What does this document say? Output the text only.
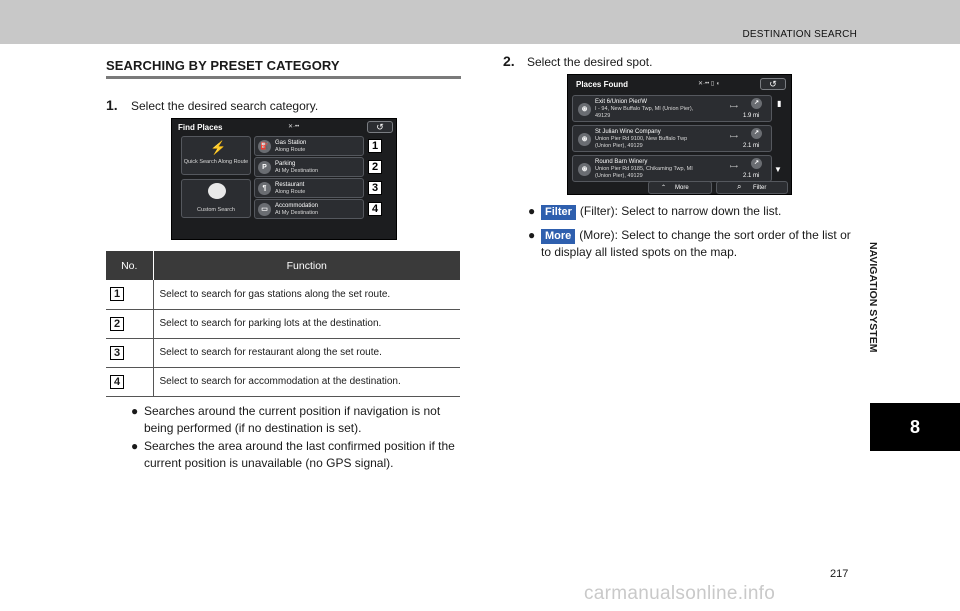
DESTINATION SEARCH
NAVIGATION SYSTEM
8
SEARCHING BY PRESET CATEGORY
1. Select the desired search category.
Find Places	✕·••	↺
⚡
Quick Search Along Route
Custom Search
⛽	Gas Station
Along Route
P	Parking
At My Destination
¶	Restaurant
Along Route
▭	Accommodation
At My Destination
1
2
3
4
No.	Function
1	Select to search for gas stations along the set route.
2	Select to search for parking lots at the destination.
3	Select to search for restaurant along the set route.
4	Select to search for accommodation at the destination.
● Searches around the current position if navigation is not being performed (if no destination is set).
● Searches the area around the last confirmed position if the current position is unavailable (no GPS signal).
2. Select the desired spot.
Places Found	✕·•• ▯ ◖	↺
⊛
Exit 6/Union Pier/W
I - 94, New Buffalo Twp, MI (Union Pier),
49129
⟼
↗
1.9 mi
⊛
St Julian Wine Company
Union Pier Rd 9100, New Buffalo Twp
(Union Pier), 49129
⟼
↗
2.1 mi
⊛
Round Barn Winery
Union Pier Rd 9185, Chikaming Twp, MI
(Union Pier), 49129
⟼
↗
2.1 mi
▮
▼
⌃ More	⌕ Filter
● Filter (Filter): Select to narrow down the list.
● More (More): Select to change the sort order of the list or to display all listed spots on the map.
217
carmanualsonline.info
